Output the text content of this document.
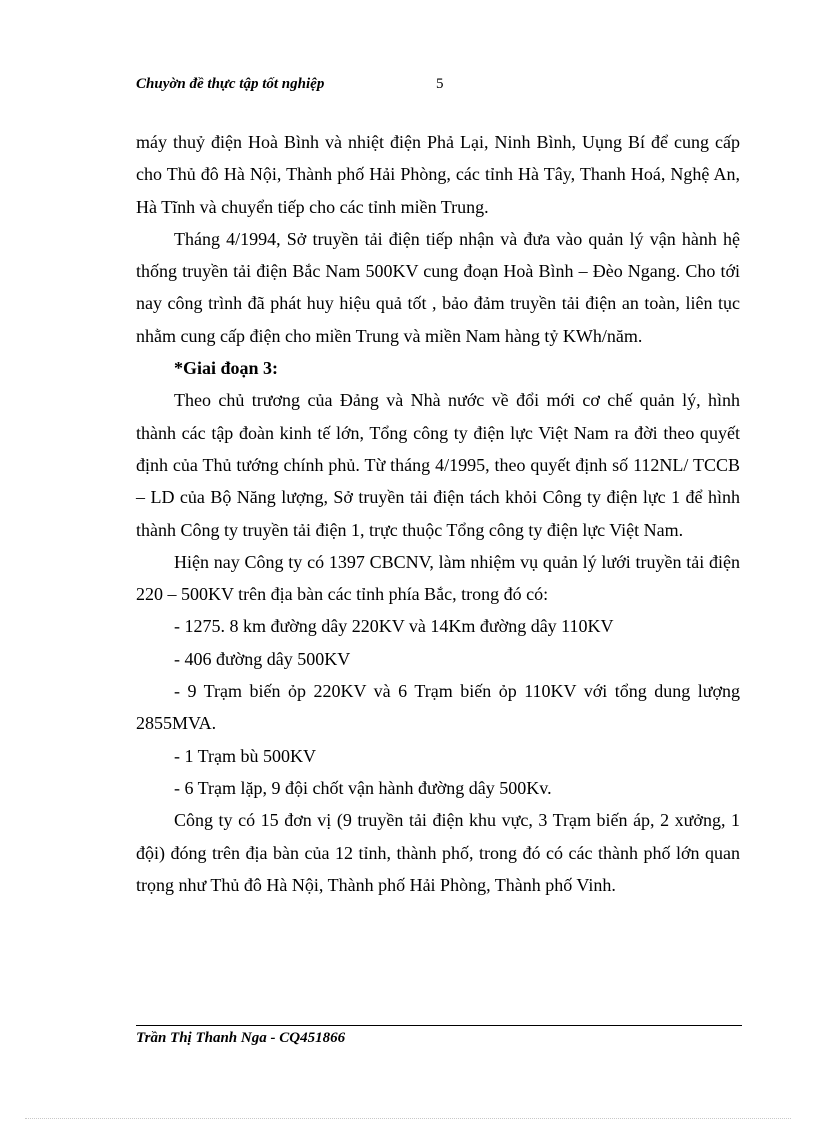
Chuyờn đề thực tập tốt nghiệp	5

máy thuỷ điện Hoà Bình và nhiệt điện Phả Lại, Ninh Bình, Uụng Bí để cung cấp cho Thủ đô Hà Nội, Thành phố Hải Phòng, các tỉnh Hà Tây, Thanh Hoá, Nghệ An, Hà Tĩnh và chuyển tiếp cho các tỉnh miền Trung.

Tháng 4/1994, Sở truyền tải điện tiếp nhận và đưa vào quản lý vận hành hệ thống truyền tải điện Bắc Nam 500KV cung đoạn Hoà Bình – Đèo Ngang. Cho tới nay công trình đã phát huy hiệu quả tốt , bảo đảm truyền tải điện an toàn, liên tục nhằm cung cấp điện cho miền Trung và miền Nam hàng tỷ KWh/năm.

*Giai đoạn 3:

Theo chủ trương của Đảng và Nhà nước về đổi mới cơ chế quản lý, hình thành các tập đoàn kinh tế lớn, Tổng công ty điện lực Việt Nam ra đời theo quyết định của Thủ tướng chính phủ. Từ tháng 4/1995, theo quyết định số 112NL/ TCCB – LD của Bộ Năng lượng, Sở truyền tải điện tách khỏi Công ty điện lực 1 để hình thành Công ty truyền tải điện 1, trực thuộc Tổng công ty điện lực Việt Nam.

Hiện nay Công ty có 1397 CBCNV, làm nhiệm vụ quản lý lưới truyền tải điện 220 – 500KV trên địa bàn các tỉnh phía Bắc, trong đó có:

- 1275. 8 km đường dây 220KV và 14Km đường dây 110KV

- 406 đường dây 500KV

- 9 Trạm biến ỏp 220KV và 6 Trạm biến ỏp 110KV với tổng dung lượng 2855MVA.

- 1 Trạm bù 500KV

- 6 Trạm lặp, 9 đội chốt vận hành đường dây 500Kv.

Công ty có 15 đơn vị (9 truyền tải điện khu vực, 3 Trạm biến áp, 2 xưởng, 1 đội) đóng trên địa bàn của 12 tỉnh, thành phố, trong đó có các thành phố lớn quan trọng như Thủ đô Hà Nội, Thành phố Hải Phòng, Thành phố Vinh.

Trần Thị Thanh Nga - CQ451866
